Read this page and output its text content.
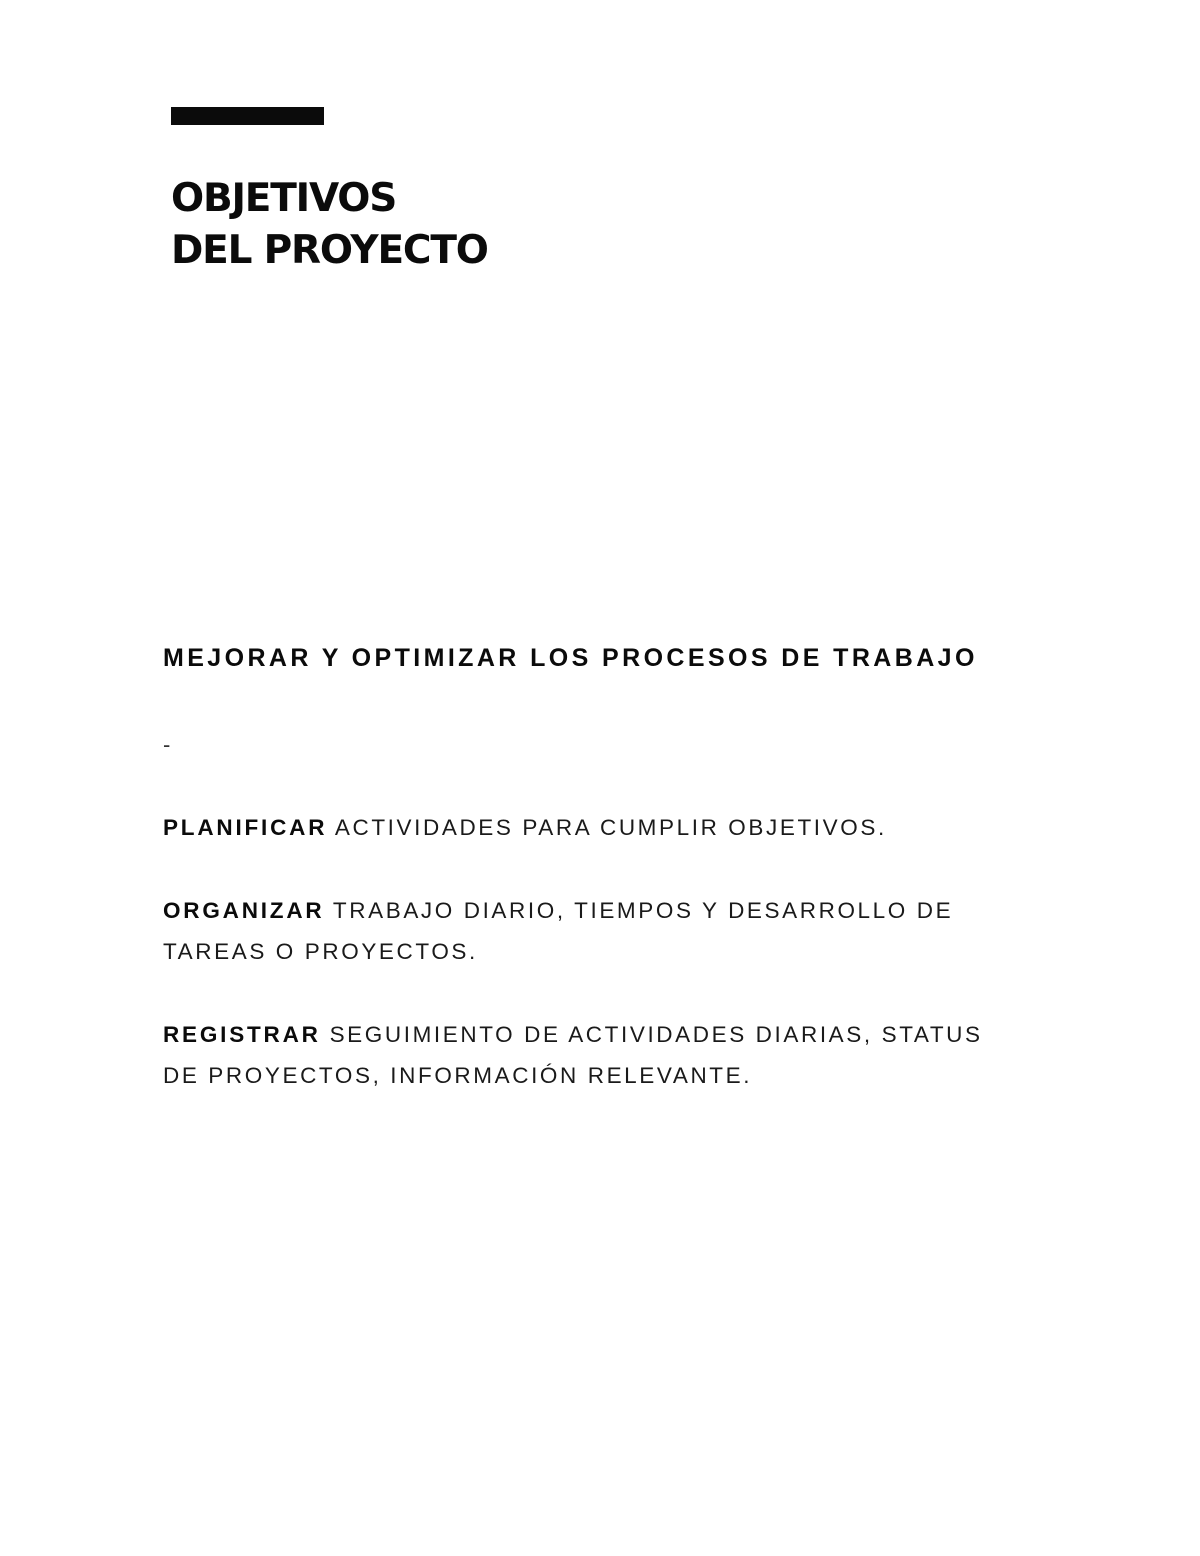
OBJETIVOS
DEL PROYECTO
MEJORAR Y OPTIMIZAR LOS PROCESOS DE TRABAJO
-

PLANIFICAR ACTIVIDADES PARA CUMPLIR OBJETIVOS.

ORGANIZAR TRABAJO DIARIO, TIEMPOS Y DESARROLLO DE TAREAS O PROYECTOS.

REGISTRAR SEGUIMIENTO DE ACTIVIDADES DIARIAS, STATUS DE PROYECTOS, INFORMACIÓN RELEVANTE.
